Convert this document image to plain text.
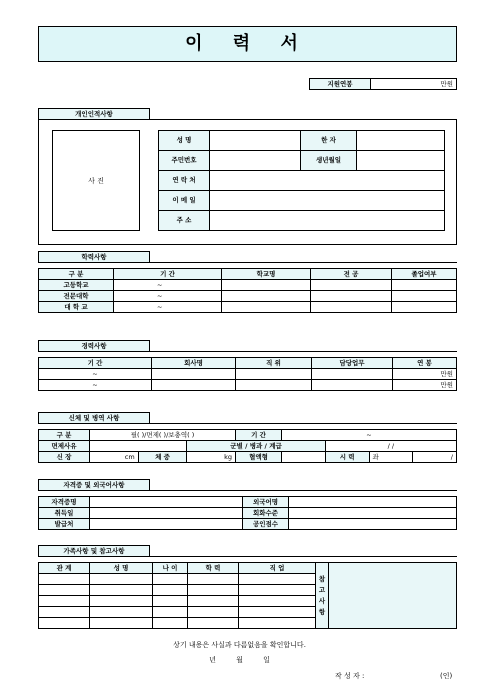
이 력 서
지원연봉	만원
개인인적사항
사 진
성 명		한 자	
주민번호		생년월일	
연 락 처			
이 메 일			
주 소			
학력사항
구 분	기 간	학교명	전 공	졸업여부
고등학교	~			
전문대학	~			
대 학 교	~			
경력사항
기 간	회사명	직 위	담당업무	연 봉
~				만원
~				만원
신체 및 병역 사항
구 분	필( )/면제( )/보충역( )			기 간	~			
면제사유			군별 / 병과 / 계급			/ /		
신 장	cm	체 중	kg	혈액형		시 력	좌	/
자격증 및 외국어사항
자격증명		외국어명	
취득일		회화수준	
발급처		공인점수	
가족사항 및 참고사항
관 계	성 명	나 이	학 력	직 업	참 고 사 항	

상기 내용은 사실과 다름없음을 확인합니다.
년 월 일
작 성 자 :	(인)
